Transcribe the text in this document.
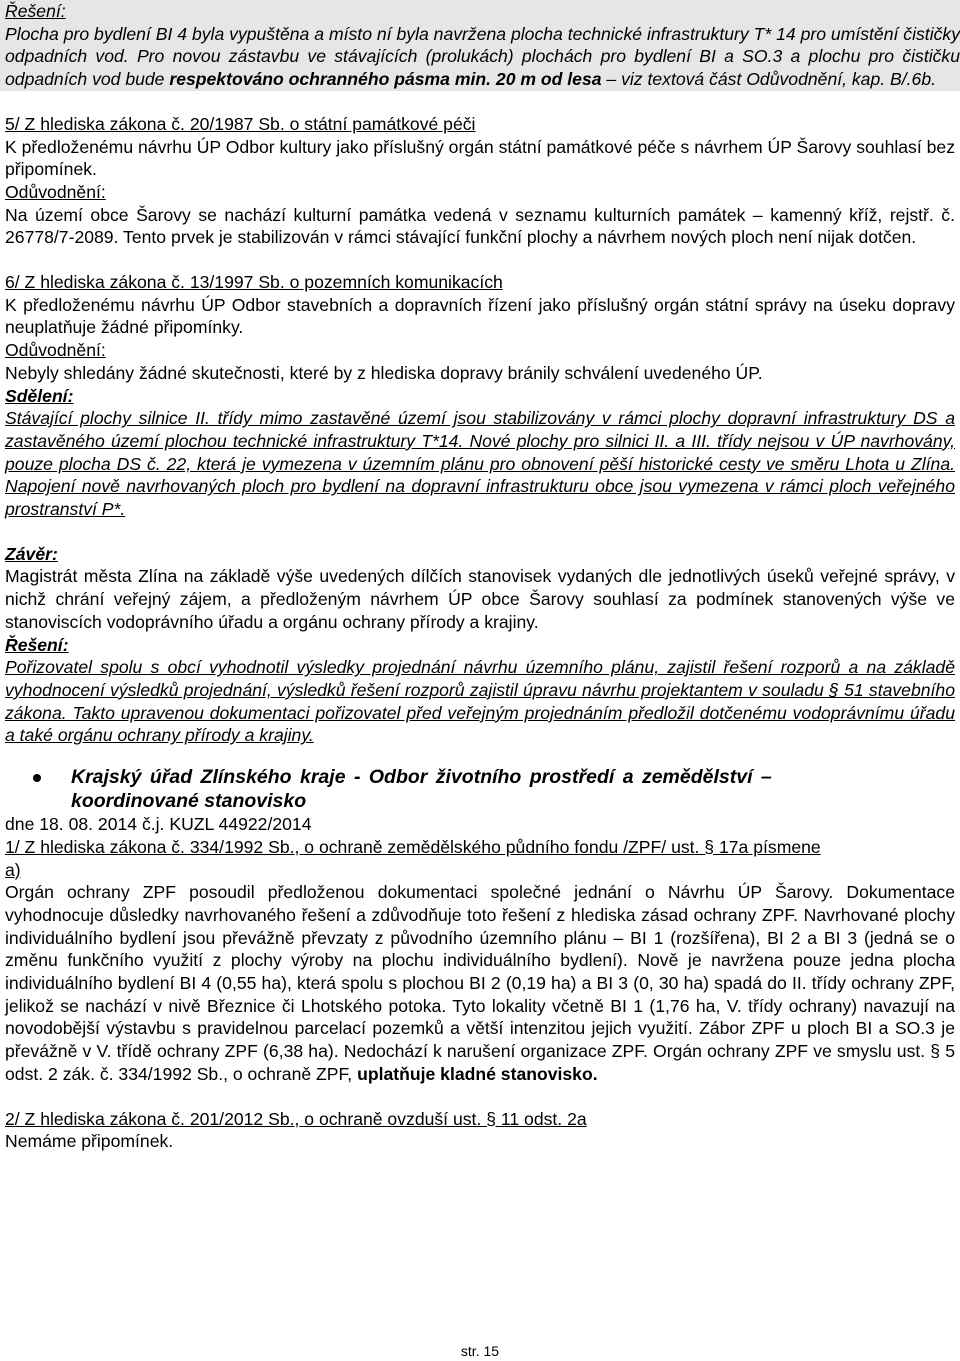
Řešení:

Plocha pro bydlení BI 4 byla vypuštěna a místo ní byla navržena plocha technické infrastruktury T* 14 pro umístění čističky odpadních vod. Pro novou zástavbu ve stávajících (prolukách) plochách pro bydlení BI a SO.3 a plochu pro čističku odpadních vod bude respektováno ochranného pásma min. 20 m od lesa – viz textová část Odůvodnění, kap. B/.6b.

5/ Z hlediska zákona č. 20/1987 Sb. o státní památkové péči

K předloženému návrhu ÚP Odbor kultury jako příslušný orgán státní památkové péče s návrhem ÚP Šarovy souhlasí bez připomínek.

Odůvodnění:

Na území obce Šarovy se nachází kulturní památka vedená v seznamu kulturních památek – kamenný kříž, rejstř. č. 26778/7-2089. Tento prvek je stabilizován v rámci stávající funkční plochy a návrhem nových ploch není nijak dotčen.

6/ Z hlediska zákona č. 13/1997 Sb. o pozemních komunikacích

K předloženému návrhu ÚP Odbor stavebních a dopravních řízení jako příslušný orgán státní správy na úseku dopravy neuplatňuje žádné připomínky.

Odůvodnění:

Nebyly shledány žádné skutečnosti, které by z hlediska dopravy bránily schválení uvedeného ÚP.

Sdělení:

Stávající plochy silnice II. třídy mimo zastavěné území jsou stabilizovány v rámci plochy dopravní infrastruktury DS a zastavěného území plochou technické infrastruktury T*14. Nové plochy pro silnici II. a III. třídy nejsou v ÚP navrhovány, pouze plocha DS č. 22, která je vymezena v územním plánu pro obnovení pěší historické cesty ve směru Lhota u Zlína. Napojení nově navrhovaných ploch pro bydlení na dopravní infrastrukturu obce jsou vymezena v rámci ploch veřejného prostranství P*.

Závěr:

Magistrát města Zlína na základě výše uvedených dílčích stanovisek vydaných dle jednotlivých úseků veřejné správy, v nichž chrání veřejný zájem, a předloženým návrhem ÚP obce Šarovy souhlasí za podmínek stanovených výše ve stanoviscích vodoprávního úřadu a orgánu ochrany přírody a krajiny.

Řešení:

Pořizovatel spolu s obcí vyhodnotil výsledky projednání návrhu územního plánu, zajistil řešení rozporů a na základě vyhodnocení výsledků projednání, výsledků řešení rozporů zajistil úpravu návrhu projektantem v souladu § 51 stavebního zákona. Takto upravenou dokumentaci pořizovatel před veřejným projednáním předložil dotčenému vodoprávnímu úřadu a také orgánu ochrany přírody a krajiny.

Krajský úřad Zlínského kraje - Odbor životního prostředí a zemědělství –

koordinované stanovisko

dne 18. 08. 2014 č.j. KUZL 44922/2014

1/ Z hlediska zákona č. 334/1992 Sb., o ochraně zemědělského půdního fondu /ZPF/ ust. § 17a písmene
a)

Orgán ochrany ZPF posoudil předloženou dokumentaci společné jednání o Návrhu ÚP Šarovy. Dokumentace vyhodnocuje důsledky navrhovaného řešení a zdůvodňuje toto řešení z hlediska zásad ochrany ZPF. Navrhované plochy individuálního bydlení jsou převážně převzaty z původního územního plánu – BI 1 (rozšířena), BI 2 a BI 3 (jedná se o změnu funkčního využití z plochy výroby na plochu individuálního bydlení). Nově je navržena pouze jedna plocha individuálního bydlení BI 4 (0,55 ha), která spolu s plochou BI 2 (0,19 ha) a BI 3 (0, 30 ha) spadá do II. třídy ochrany ZPF, jelikož se nachází v nivě Březnice či Lhotského potoka. Tyto lokality včetně BI 1 (1,76 ha, V. třídy ochrany) navazují na novodobější výstavbu s pravidelnou parcelací pozemků a větší intenzitou jejich využití. Zábor ZPF u ploch BI a SO.3 je převážně v V. třídě ochrany ZPF (6,38 ha). Nedochází k narušení organizace ZPF. Orgán ochrany ZPF ve smyslu ust. § 5 odst. 2 zák. č. 334/1992 Sb., o ochraně ZPF, uplatňuje kladné stanovisko.

2/ Z hlediska zákona č. 201/2012 Sb., o ochraně ovzduší ust. § 11 odst. 2a

Nemáme připomínek.

str. 15
